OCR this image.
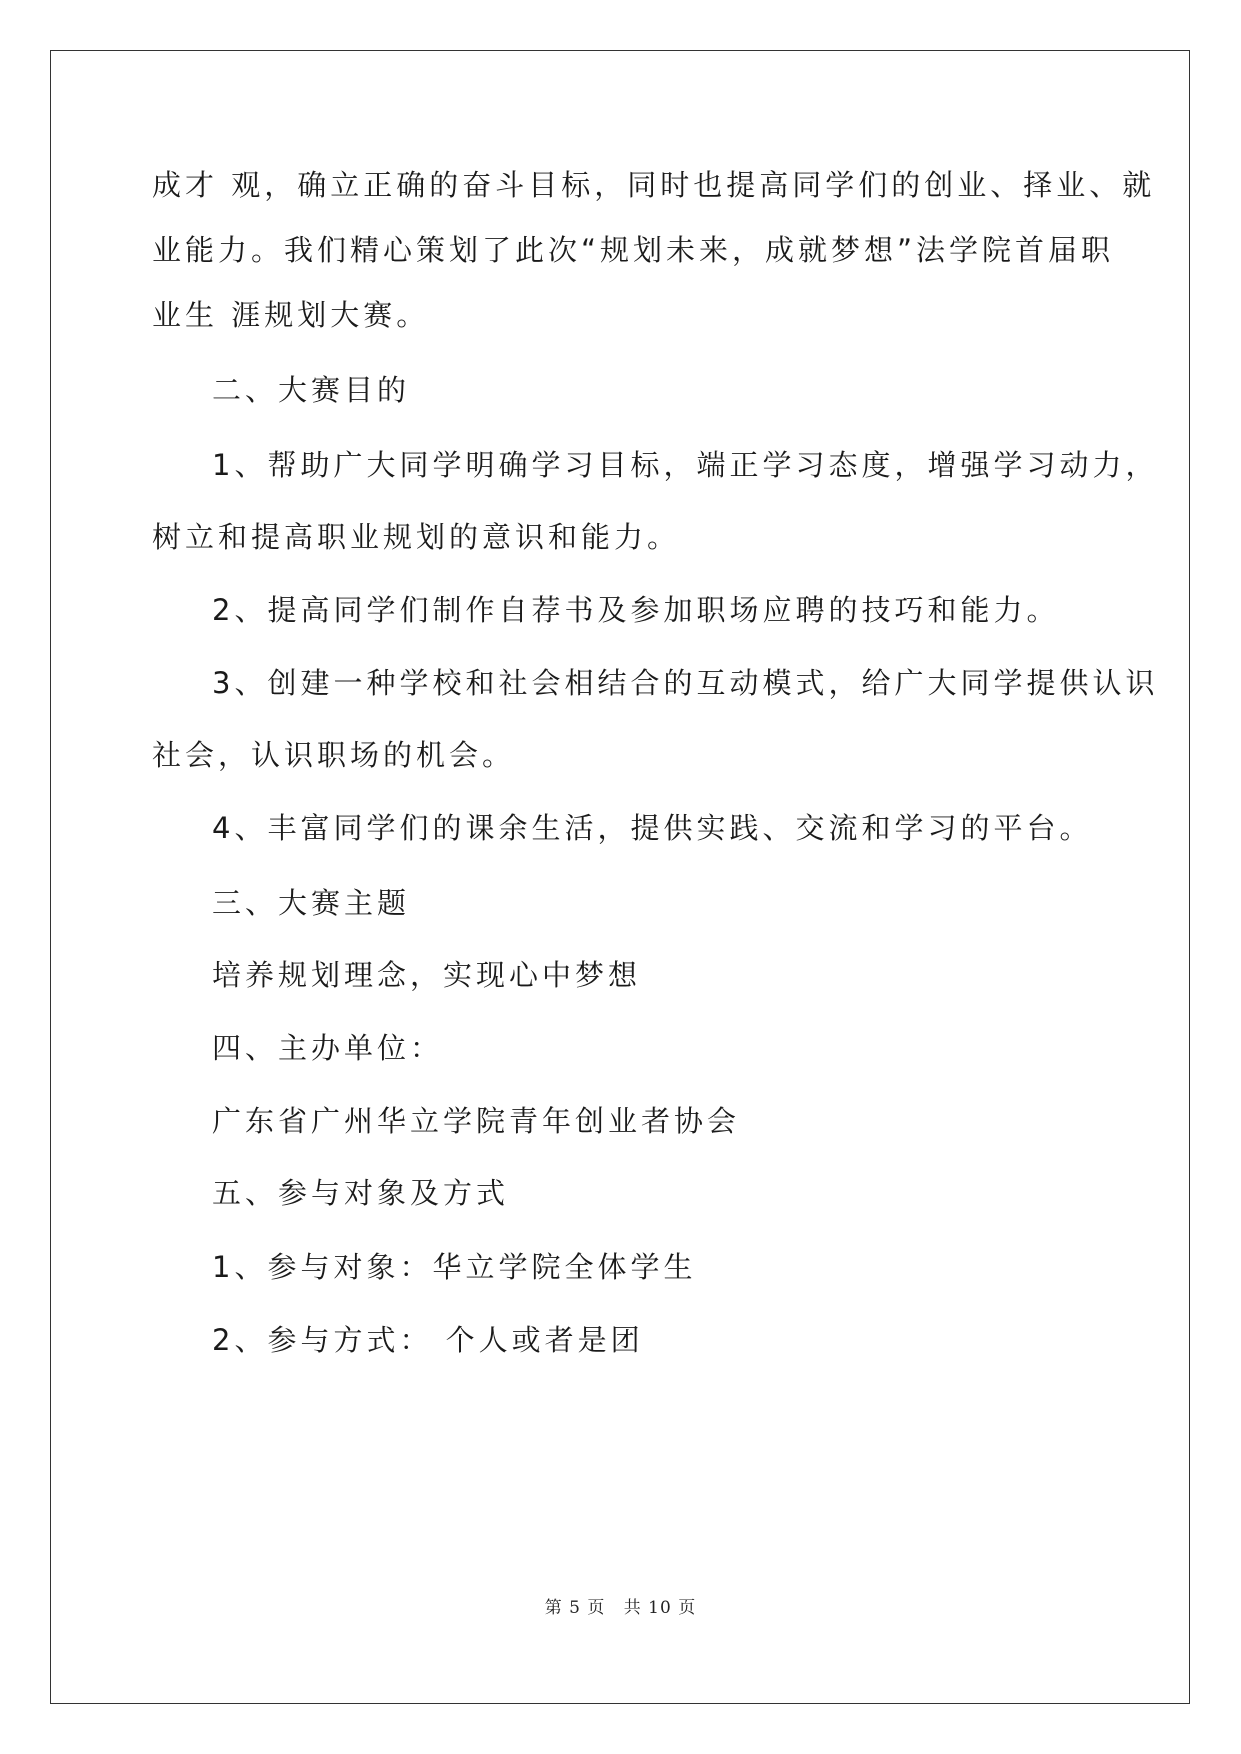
成才 观，确立正确的奋斗目标，同时也提高同学们的创业、择业、就
业能力。我们精心策划了此次“规划未来，成就梦想”法学院首届职
业生 涯规划大赛。
二、大赛目的
1、帮助广大同学明确学习目标，端正学习态度，增强学习动力，
树立和提高职业规划的意识和能力。
2、提高同学们制作自荐书及参加职场应聘的技巧和能力。
3、创建一种学校和社会相结合的互动模式，给广大同学提供认识
社会，认识职场的机会。
4、丰富同学们的课余生活，提供实践、交流和学习的平台。
三、大赛主题
培养规划理念，实现心中梦想
四、主办单位：
广东省广州华立学院青年创业者协会
五、参与对象及方式
1、参与对象：华立学院全体学生
2、参与方式： 个人或者是团
第 5 页 共 10 页
